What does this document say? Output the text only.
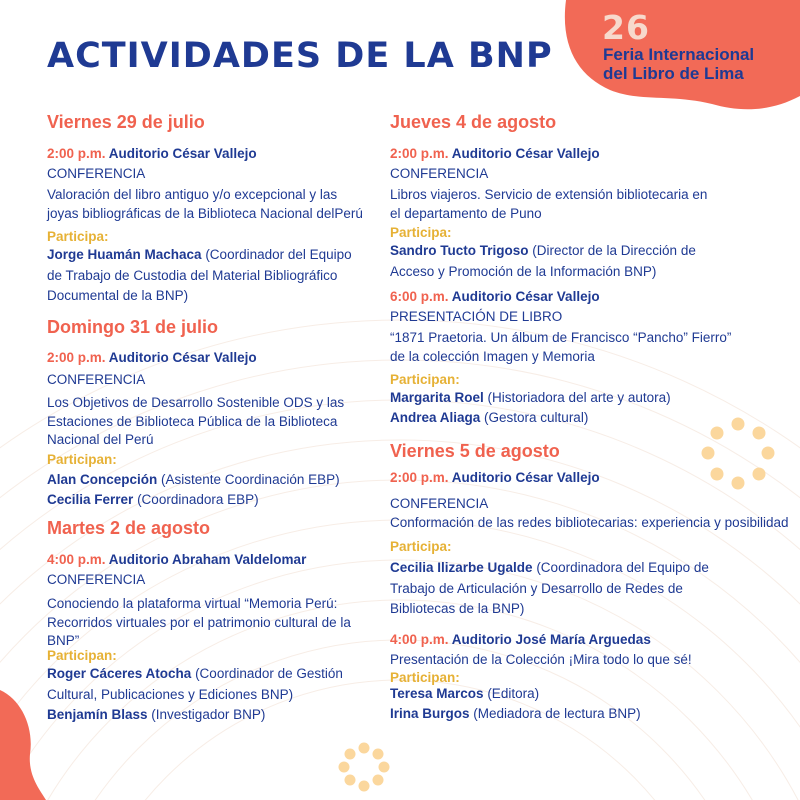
ACTIVIDADES DE LA BNP
26
Feria Internacional
del Libro de Lima
Viernes 29 de julio
2:00 p.m. Auditorio César Vallejo
CONFERENCIA
Valoración del libro antiguo y/o excepcional y las joyas bibliográficas de la Biblioteca Nacional delPerú
Participa:
Jorge Huamán Machaca (Coordinador del Equipo de Trabajo de Custodia del Material Bibliográfico Documental de la BNP)
Domingo 31 de julio
2:00 p.m. Auditorio César Vallejo
CONFERENCIA
Los Objetivos de Desarrollo Sostenible ODS y las Estaciones de Biblioteca Pública de la Biblioteca Nacional del Perú
Participan:
Alan Concepción (Asistente Coordinación EBP)
Cecilia Ferrer (Coordinadora EBP)
Martes 2 de agosto
4:00 p.m. Auditorio Abraham Valdelomar
CONFERENCIA
Conociendo la plataforma virtual “Memoria Perú: Recorridos virtuales por el patrimonio cultural de la BNP”
Participan:
Roger Cáceres Atocha (Coordinador de Gestión Cultural, Publicaciones y Ediciones BNP)
Benjamín Blass (Investigador BNP)
Jueves 4 de agosto
2:00 p.m. Auditorio César Vallejo
CONFERENCIA
Libros viajeros. Servicio de extensión bibliotecaria en el departamento de Puno
Participa:
Sandro Tucto Trigoso (Director de la Dirección de Acceso y Promoción de la Información BNP)
6:00 p.m. Auditorio César Vallejo
PRESENTACIÓN DE LIBRO
“1871 Praetoria. Un álbum de Francisco “Pancho” Fierro” de la colección Imagen y Memoria
Participan:
Margarita Roel (Historiadora del arte y autora)
Andrea Aliaga (Gestora cultural)
Viernes 5 de agosto
2:00 p.m. Auditorio César Vallejo
CONFERENCIA
Conformación de las redes bibliotecarias: experiencia y posibilidad
Participa:
Cecilia Ilizarbe Ugalde (Coordinadora del Equipo de Trabajo de Articulación y Desarrollo de Redes de Bibliotecas de la BNP)
4:00 p.m. Auditorio José María Arguedas
Presentación de la Colección ¡Mira todo lo que sé!
Participan:
Teresa Marcos (Editora)
Irina Burgos (Mediadora de lectura BNP)
